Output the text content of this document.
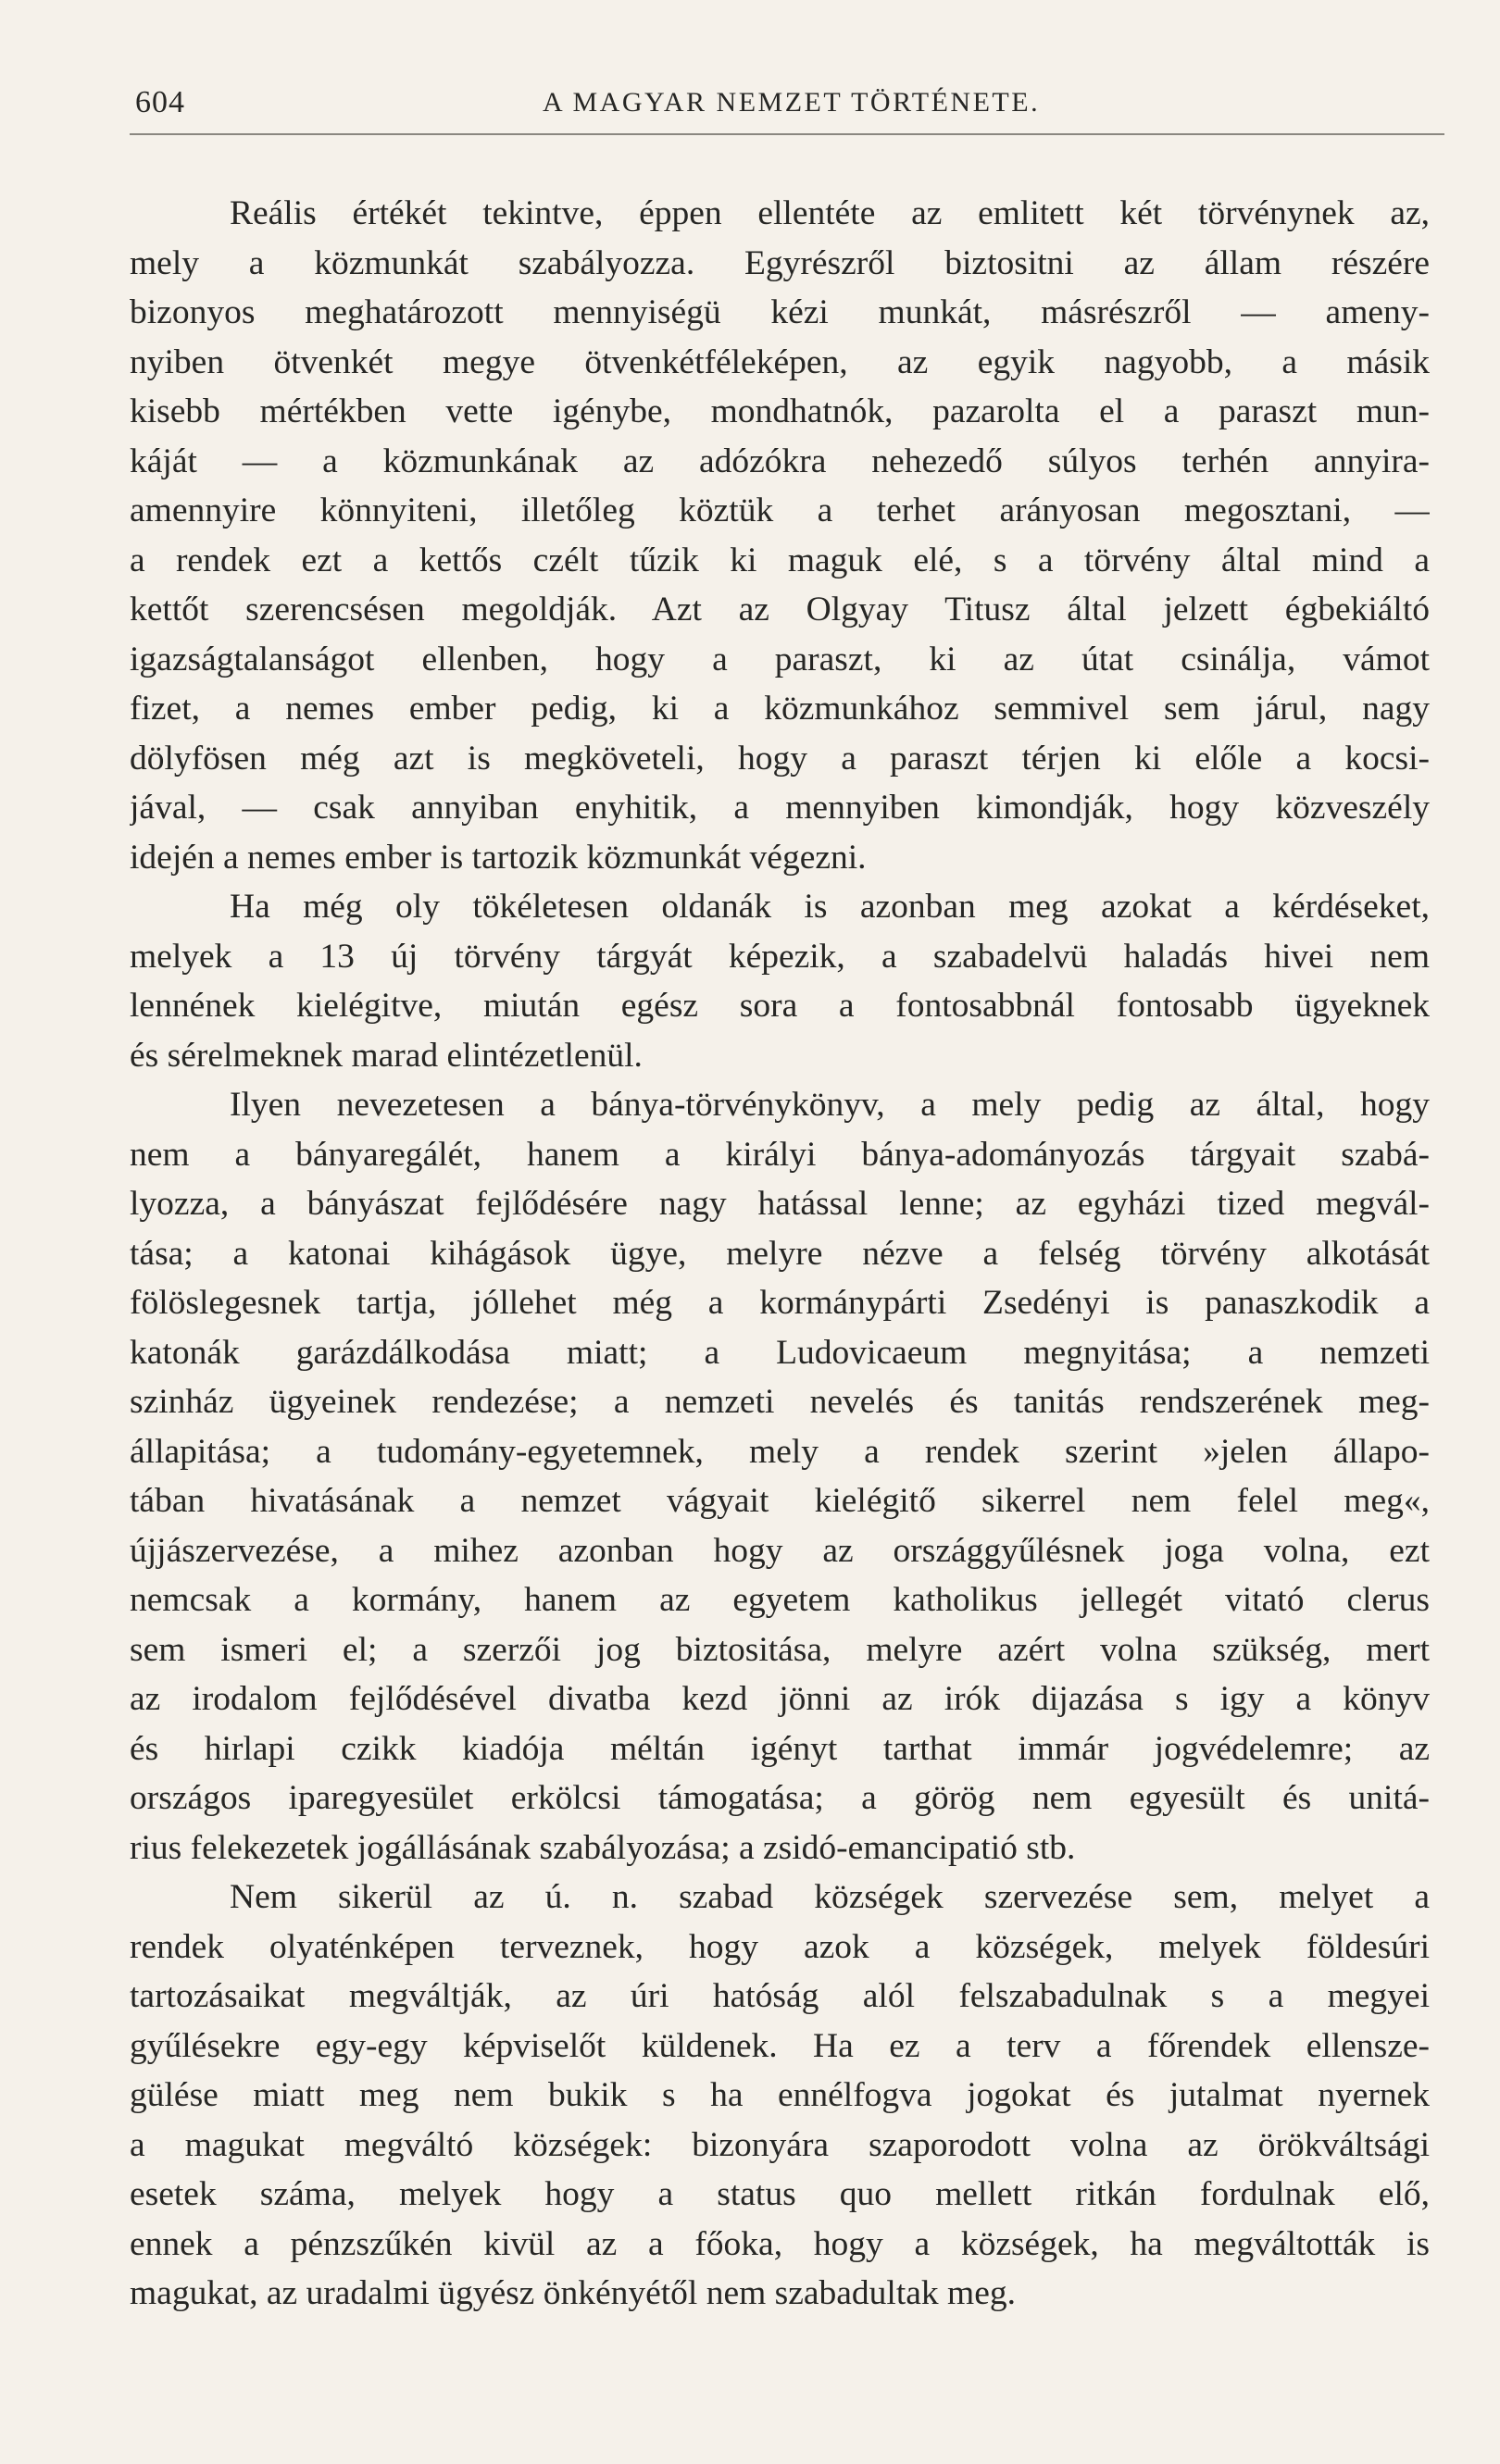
604	A MAGYAR NEMZET TÖRTÉNETE.
Reális értékét tekintve, éppen ellentéte az emlitett két törvénynek az,
mely a közmunkát szabályozza. Egyrészről biztositni az állam részére
bizonyos meghatározott mennyiségü kézi munkát, másrészről — ameny-
nyiben ötvenkét megye ötvenkétféleképen, az egyik nagyobb, a másik
kisebb mértékben vette igénybe, mondhatnók, pazarolta el a paraszt mun-
káját — a közmunkának az adózókra nehezedő súlyos terhén annyira-
amennyire könnyiteni, illetőleg köztük a terhet arányosan megosztani, —
a rendek ezt a kettős czélt tűzik ki maguk elé, s a törvény által mind a
kettőt szerencsésen megoldják. Azt az Olgyay Titusz által jelzett égbekiáltó
igazságtalanságot ellenben, hogy a paraszt, ki az útat csinálja, vámot
fizet, a nemes ember pedig, ki a közmunkához semmivel sem járul, nagy
dölyfösen még azt is megköveteli, hogy a paraszt térjen ki előle a kocsi-
jával, — csak annyiban enyhitik, a mennyiben kimondják, hogy közveszély
idején a nemes ember is tartozik közmunkát végezni.
Ha még oly tökéletesen oldanák is azonban meg azokat a kérdéseket,
melyek a 13 új törvény tárgyát képezik, a szabadelvü haladás hivei nem
lennének kielégitve, miután egész sora a fontosabbnál fontosabb ügyeknek
és sérelmeknek marad elintézetlenül.
Ilyen nevezetesen a bánya-törvénykönyv, a mely pedig az által, hogy
nem a bányaregálét, hanem a királyi bánya-adományozás tárgyait szabá-
lyozza, a bányászat fejlődésére nagy hatással lenne; az egyházi tized megvál-
tása; a katonai kihágások ügye, melyre nézve a felség törvény alkotását
fölöslegesnek tartja, jóllehet még a kormánypárti Zsedényi is panaszkodik a
katonák garázdálkodása miatt; a Ludovicaeum megnyitása; a nemzeti
szinház ügyeinek rendezése; a nemzeti nevelés és tanitás rendszerének meg-
állapitása; a tudomány-egyetemnek, mely a rendek szerint »jelen állapo-
tában hivatásának a nemzet vágyait kielégitő sikerrel nem felel meg«,
újjászervezése, a mihez azonban hogy az országgyűlésnek joga volna, ezt
nemcsak a kormány, hanem az egyetem katholikus jellegét vitató clerus
sem ismeri el; a szerzői jog biztositása, melyre azért volna szükség, mert
az irodalom fejlődésével divatba kezd jönni az irók dijazása s igy a könyv
és hirlapi czikk kiadója méltán igényt tarthat immár jogvédelemre; az
országos iparegyesület erkölcsi támogatása; a görög nem egyesült és unitá-
rius felekezetek jogállásának szabályozása; a zsidó-emancipatió stb.
Nem sikerül az ú. n. szabad községek szervezése sem, melyet a
rendek olyaténképen terveznek, hogy azok a községek, melyek földesúri
tartozásaikat megváltják, az úri hatóság alól felszabadulnak s a megyei
gyűlésekre egy-egy képviselőt küldenek. Ha ez a terv a főrendek ellensze-
gülése miatt meg nem bukik s ha ennélfogva jogokat és jutalmat nyernek
a magukat megváltó községek: bizonyára szaporodott volna az örökváltsági
esetek száma, melyek hogy a status quo mellett ritkán fordulnak elő,
ennek a pénzszűkén kivül az a főoka, hogy a községek, ha megváltották is
magukat, az uradalmi ügyész önkényétől nem szabadultak meg.
